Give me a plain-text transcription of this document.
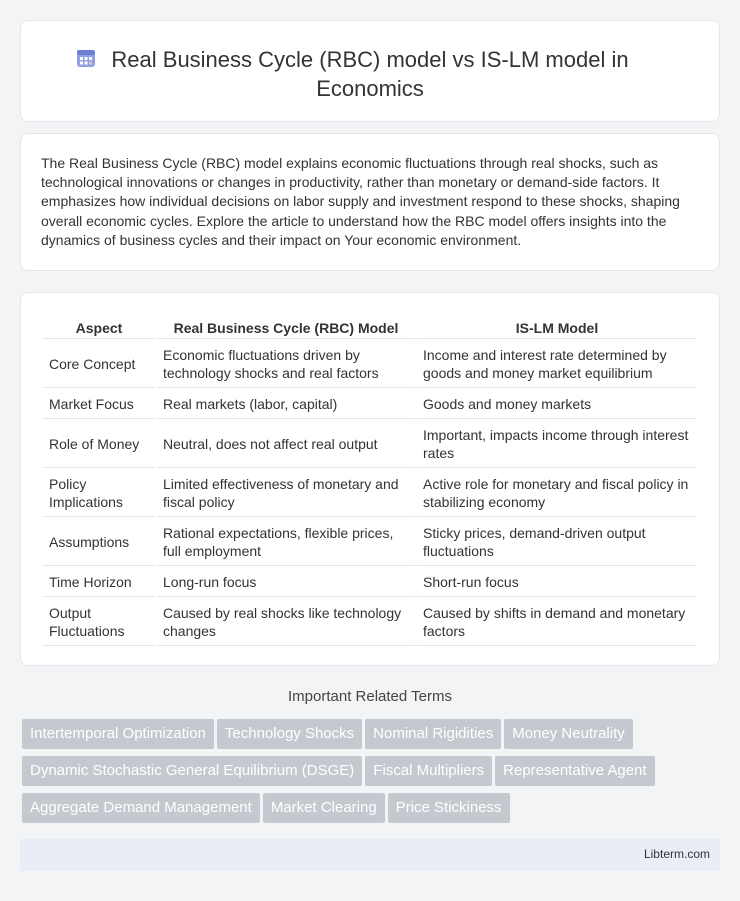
Real Business Cycle (RBC) model vs IS-LM model in Economics

The Real Business Cycle (RBC) model explains economic fluctuations through real shocks, such as technological innovations or changes in productivity, rather than monetary or demand-side factors. It emphasizes how individual decisions on labor supply and investment respond to these shocks, shaping overall economic cycles. Explore the article to understand how the RBC model offers insights into the dynamics of business cycles and their impact on Your economic environment.

Aspect	Real Business Cycle (RBC) Model	IS-LM Model
Core Concept	Economic fluctuations driven by technology shocks and real factors	Income and interest rate determined by goods and money market equilibrium
Market Focus	Real markets (labor, capital)	Goods and money markets
Role of Money	Neutral, does not affect real output	Important, impacts income through interest rates
Policy Implications	Limited effectiveness of monetary and fiscal policy	Active role for monetary and fiscal policy in stabilizing economy
Assumptions	Rational expectations, flexible prices, full employment	Sticky prices, demand-driven output fluctuations
Time Horizon	Long-run focus	Short-run focus
Output Fluctuations	Caused by real shocks like technology changes	Caused by shifts in demand and monetary factors
Important Related Terms
Intertemporal Optimization Technology Shocks Nominal Rigidities Money Neutrality
Dynamic Stochastic General Equilibrium (DSGE) Fiscal Multipliers Representative Agent
Aggregate Demand Management Market Clearing Price Stickiness
Libterm.com
